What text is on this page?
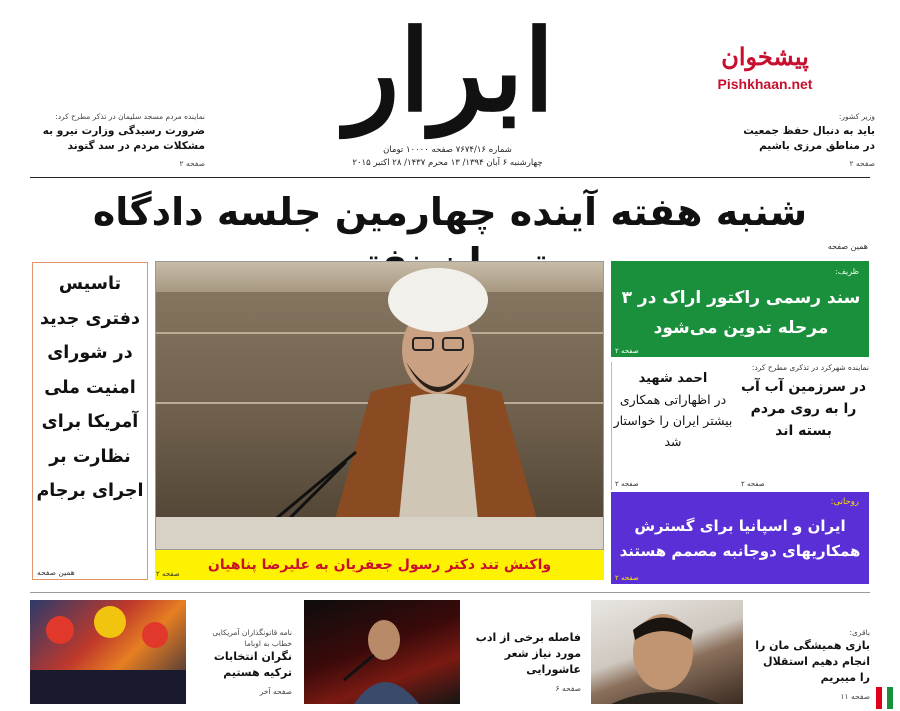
ابرار
شماره ۷۶۷۴/۱۶ صفحه ۱۰۰۰۰ تومان
چهارشنبه ۶ آبان ۱۳۹۴/ ۱۳ محرم ۱۴۳۷/ ۲۸ اکتبر ۲۰۱۵
پیشخوان
Pishkhaan.net
وزیر کشور:
باید به دنبال حفظ جمعیت در مناطق مرزی باشیم
صفحه ۲
نماینده مردم مسجد سلیمان در تذکر مطرح کرد:
ضرورت رسیدگی وزارت نیرو به مشکلات مردم در سد گتوند
صفحه ۲
شنبه هفته آینده چهارمین جلسه دادگاه
همین صفحه
تاسیس دفتری جدید در شورای امنیت ملی آمریکا برای نظارت بر اجرای برجام
همین صفحه	واکنش تند دکتر رسول جعفریان به علیرضا پناهیان
صفحه ۲
ظریف:
سند رسمی راکتور اراک در ۳ مرحله تدوین می‌شود
صفحه ۲
احمد شهید
در اظهاراتی همکاری بیشتر ایران را خواستار شد
صفحه ۲
نماینده شهرکرد در تذکری مطرح کرد:
در سرزمین آب آب را به روی مردم بسته اند
صفحه ۲
روحانی:
ایران و اسپانیا برای گسترش همکاریهای دوجانبه مصمم هستند
صفحه ۲
نامه قانونگذاران آمریکایی خطاب به اوباما
نگران انتخابات ترکیه هستیم
صفحه آخر
فاصله برخی از ادب مورد نیاز شعر عاشورایی
صفحه ۶
باقری:
بازی همیشگی مان را انجام دهیم استقلال را میبریم
صفحه ۱۱
